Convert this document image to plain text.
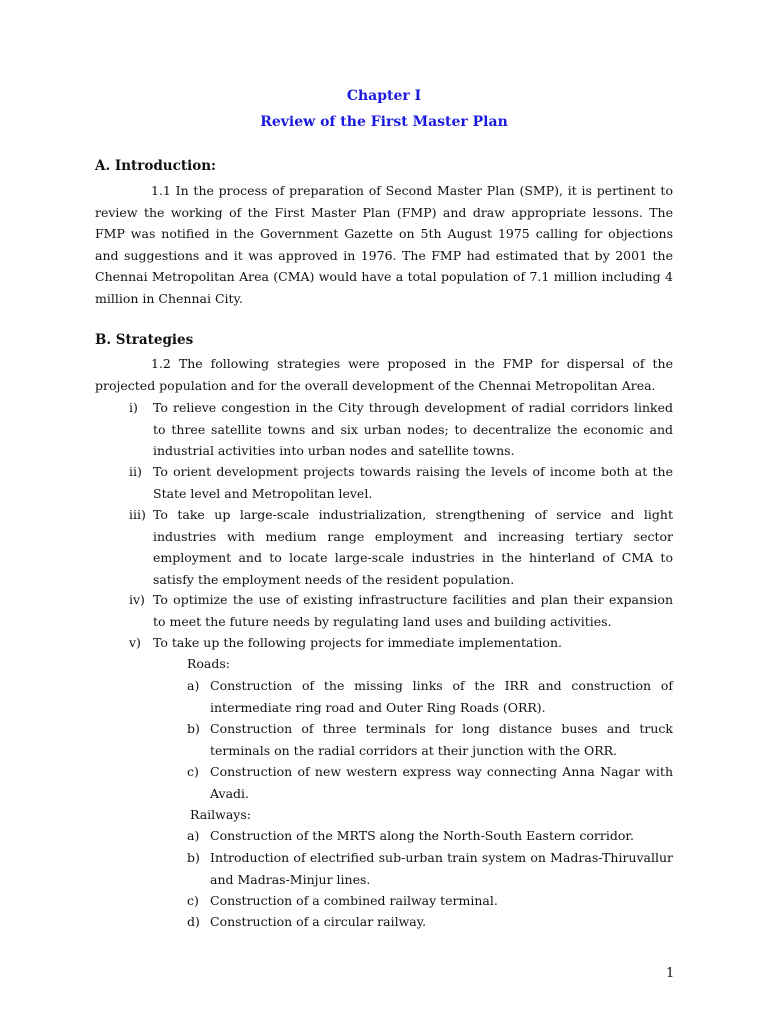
Chapter I
Review of the First Master Plan
A. Introduction:
1.1 In the process of preparation of Second Master Plan (SMP), it is pertinent to review the working of the First Master Plan (FMP) and draw appropriate lessons. The FMP was notified in the Government Gazette on 5th August 1975 calling for objections and suggestions and it was approved in 1976. The FMP had estimated that by 2001 the Chennai Metropolitan Area (CMA) would have a total population of 7.1 million including 4 million in Chennai City.
B. Strategies
1.2 The following strategies were proposed in the FMP for dispersal of the projected population and for the overall development of the Chennai Metropolitan Area.
i) To relieve congestion in the City through development of radial corridors linked to three satellite towns and six urban nodes; to decentralize the economic and industrial activities into urban nodes and satellite towns.
ii) To orient development projects towards raising the levels of income both at the State level and Metropolitan level.
iii) To take up large-scale industrialization, strengthening of service and light industries with medium range employment and increasing tertiary sector employment and to locate large-scale industries in the hinterland of CMA to satisfy the employment needs of the resident population.
iv) To optimize the use of existing infrastructure facilities and plan their expansion to meet the future needs by regulating land uses and building activities.
v) To take up the following projects for immediate implementation.
Roads:
a) Construction of the missing links of the IRR and construction of intermediate ring road and Outer Ring Roads (ORR).
b) Construction of three terminals for long distance buses and truck terminals on the radial corridors at their junction with the ORR.
c) Construction of new western express way connecting Anna Nagar with Avadi.
Railways:
a) Construction of the MRTS along the North-South Eastern corridor.
b) Introduction of electrified sub-urban train system on Madras-Thiruvallur and Madras-Minjur lines.
c) Construction of a combined railway terminal.
d) Construction of a circular railway.
1
